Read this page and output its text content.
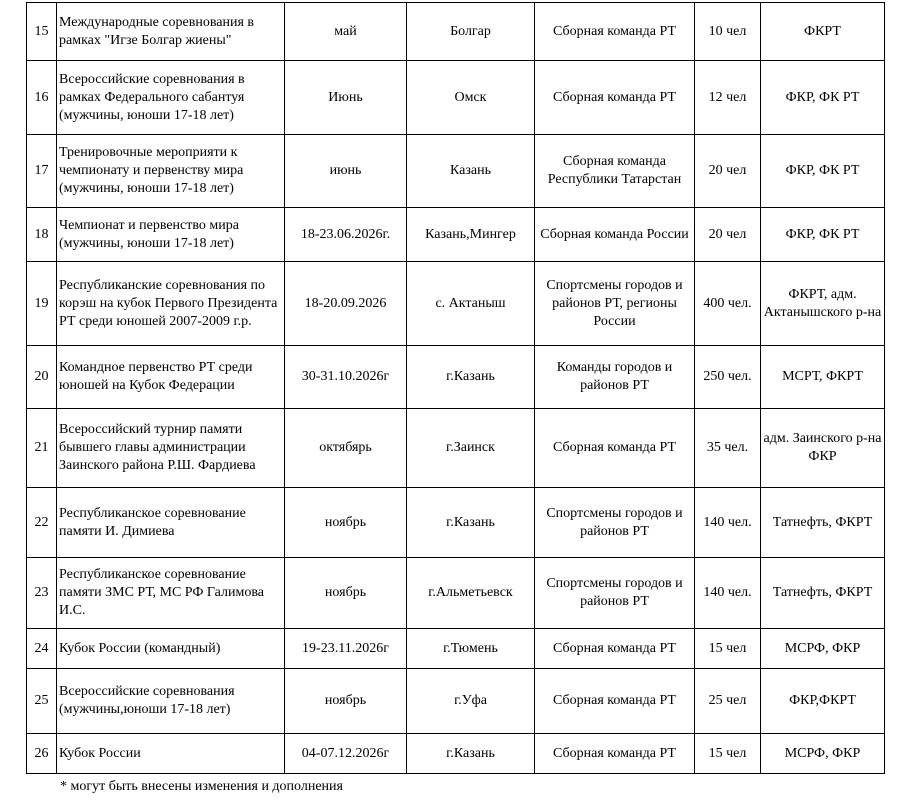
15	Международные соревнования в рамках "Игзе Болгар жиены"	май	Болгар	Сборная команда РТ	10 чел	ФКРТ
16	Всероссийские соревнования в рамках Федерального сабантуя (мужчины, юноши 17-18 лет)	Июнь	Омск	Сборная команда РТ	12 чел	ФКР, ФК РТ
17	Тренировочные мероприяти к чемпионату и первенству мира (мужчины, юноши 17-18 лет)	июнь	Казань	Сборная команда Республики Татарстан	20 чел	ФКР, ФК РТ
18	Чемпионат и первенство мира (мужчины, юноши 17-18 лет)	18-23.06.2026г.	Казань,Мингер	Сборная команда России	20 чел	ФКР, ФК РТ
19	Республиканские соревнования по корэш на кубок Первого Президента РТ среди юношей 2007-2009 г.р.	18-20.09.2026	с. Актаныш	Спортсмены городов и районов РТ, регионы России	400 чел.	ФКРТ, адм. Актанышского р-на
20	Командное первенство РТ среди юношей на Кубок Федерации	30-31.10.2026г	г.Казань	Команды городов и районов РТ	250 чел.	МСРТ, ФКРТ
21	Всероссийский турнир памяти бывшего главы администрации Заинского района Р.Ш. Фардиева	октябярь	г.Заинск	Сборная команда РТ	35 чел.	адм. Заинского р-на ФКР
22	Республиканское соревнование памяти И. Димиева	ноябрь	г.Казань	Спортсмены городов и районов РТ	140 чел.	Татнефть, ФКРТ
23	Республиканское соревнование памяти ЗМС РТ, МС РФ Галимова И.С.	ноябрь	г.Альметьевск	Спортсмены городов и районов РТ	140 чел.	Татнефть, ФКРТ
24	Кубок России (командный)	19-23.11.2026г	г.Тюмень	Сборная команда РТ	15 чел	МСРФ, ФКР
25	Всероссийские соревнования (мужчины,юноши 17-18 лет)	ноябрь	г.Уфа	Сборная команда РТ	25 чел	ФКР,ФКРТ
26	Кубок России	04-07.12.2026г	г.Казань	Сборная команда РТ	15 чел	МСРФ, ФКР
* могут быть внесены изменения и дополнения
